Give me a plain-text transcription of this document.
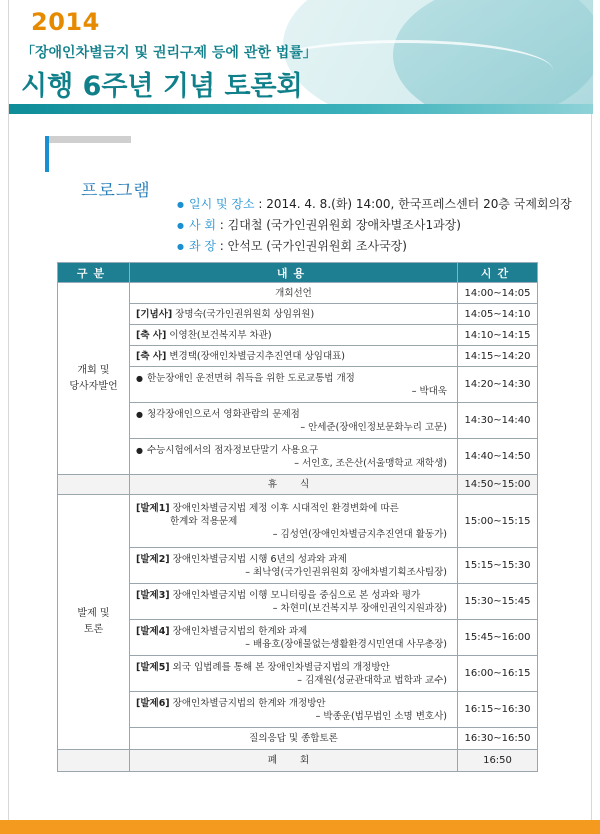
2014
「장애인차별금지 및 권리구제 등에 관한 법률」
시행 6주년 기념 토론회
프로그램
● 일시 및 장소 : 2014. 4. 8.(화) 14:00, 한국프레스센터 20층 국제회의장
● 사 회 : 김대철 (국가인권위원회 장애차별조사1과장)
● 좌 장 : 안석모 (국가인권위원회 조사국장)
구분	내용	시간

개회 및
당사자발언	개회선언	14:00~14:05
	[기념사] 장명숙(국가인권위원회 상임위원)	14:05~14:10
	[축 사] 이영찬(보건복지부 차관)	14:10~14:15
	[축 사] 변경택(장애인차별금지추진연대 상임대표)	14:15~14:20

	● 한눈장애인 운전면허 취득을 위한 도로교통법 개정
– 박대욱	14:20~14:30

	● 청각장애인으로서 영화관람의 문제점
– 안세준(장애인정보문화누리 고문)	14:30~14:40

	● 수능시험에서의 점자정보단말기 사용요구
– 서인호, 조은산(서울맹학교 재학생)	14:40~14:50
	휴 식	14:50~15:00

발제 및
토론	[발제1] 장애인차별금지법 제정 이후 시대적인 환경변화에 따른
한계와 적용문제
– 김성연(장애인차별금지추진연대 활동가)	15:00~15:15

	[발제2] 장애인차별금지법 시행 6년의 성과와 과제
– 최낙영(국가인권위원회 장애차별기획조사팀장)	15:15~15:30

	[발제3] 장애인차별금지법 이행 모니터링을 중심으로 본 성과와 평가
– 차현미(보건복지부 장애인권익지원과장)	15:30~15:45

	[발제4] 장애인차별금지법의 한계와 과제
– 배융호(장애물없는생활환경시민연대 사무총장)	15:45~16:00

	[발제5] 외국 입법례를 통해 본 장애인차별금지법의 개정방안
– 김재원(성균관대학교 법학과 교수)	16:00~16:15

	[발제6] 장애인차별금지법의 한계와 개정방안
– 박종운(법무법인 소명 변호사)	16:15~16:30
	질의응답 및 종합토론	16:30~16:50
	폐 회	16:50
